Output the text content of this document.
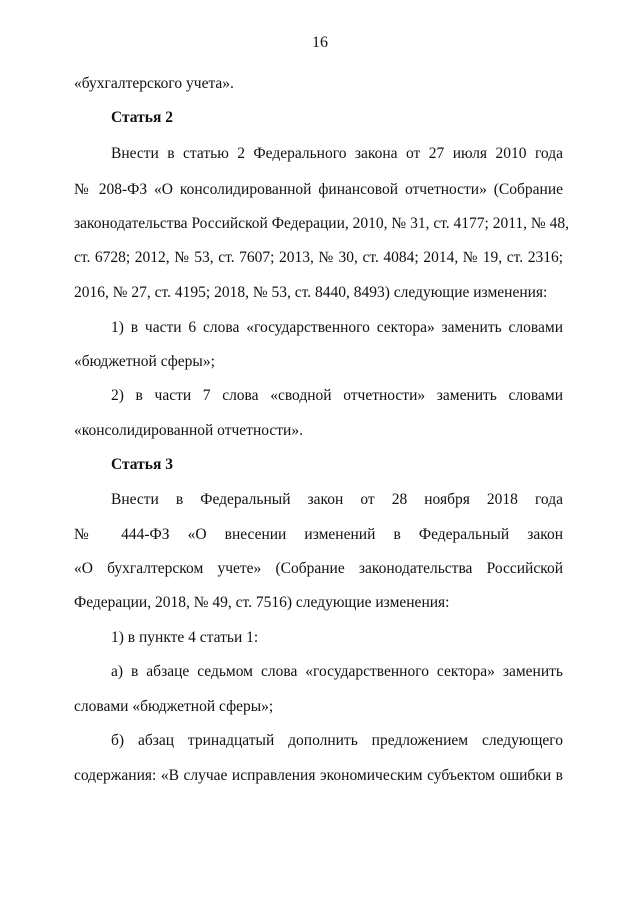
16
«бухгалтерского учета».
Статья 2
Внести в статью 2 Федерального закона от 27 июля 2010 года
№ 208-ФЗ «О консолидированной финансовой отчетности» (Собрание
законодательства Российской Федерации, 2010, № 31, ст. 4177; 2011, № 48,
ст. 6728; 2012, № 53, ст. 7607; 2013, № 30, ст. 4084; 2014, № 19, ст. 2316;
2016, № 27, ст. 4195; 2018, № 53, ст. 8440, 8493) следующие изменения:
1) в части 6 слова «государственного сектора» заменить словами
«бюджетной сферы»;
2) в части 7 слова «сводной отчетности» заменить словами
«консолидированной отчетности».
Статья 3
Внести в Федеральный закон от 28 ноября 2018 года
№ 444-ФЗ «О внесении изменений в Федеральный закон
«О бухгалтерском учете» (Собрание законодательства Российской
Федерации, 2018, № 49, ст. 7516) следующие изменения:
1) в пункте 4 статьи 1:
а) в абзаце седьмом слова «государственного сектора» заменить
словами «бюджетной сферы»;
б) абзац тринадцатый дополнить предложением следующего
содержания: «В случае исправления экономическим субъектом ошибки в
